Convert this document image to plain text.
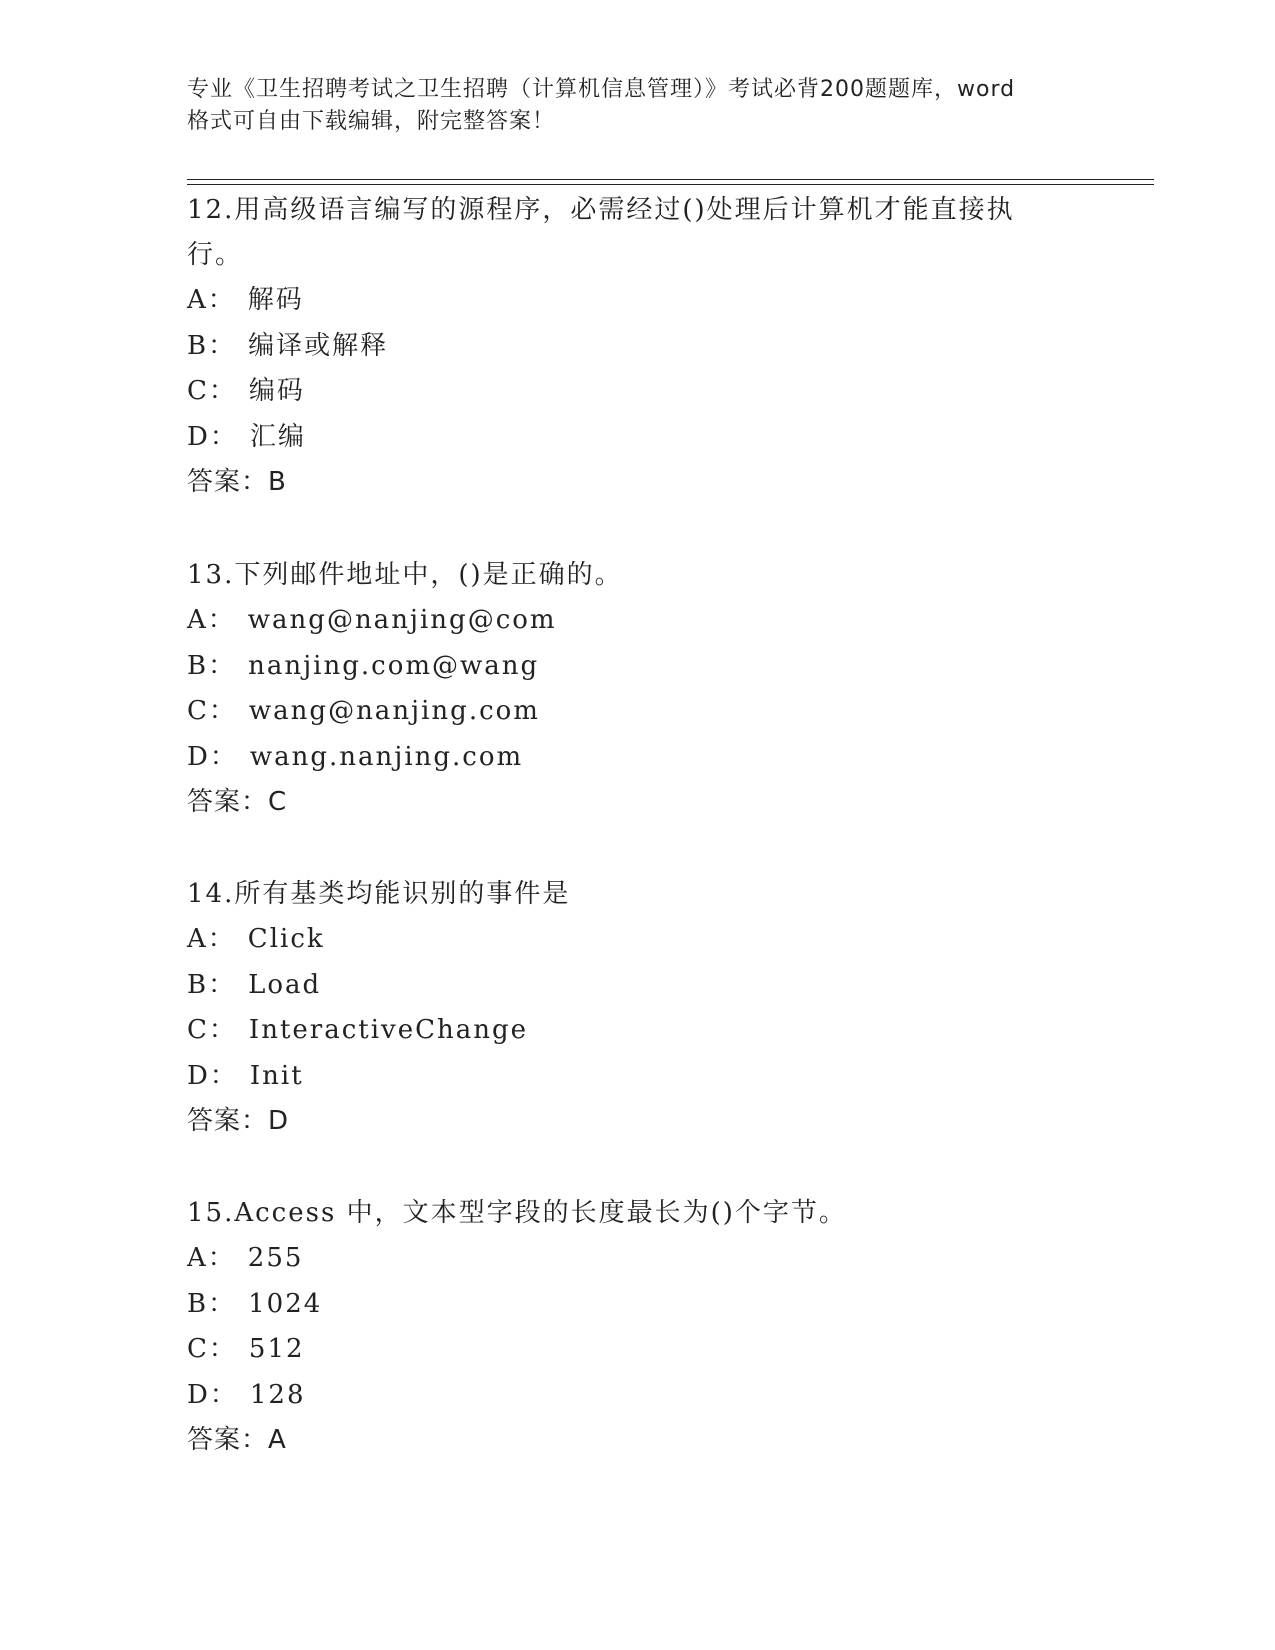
专业《卫生招聘考试之卫生招聘（计算机信息管理）》考试必背200题题库，word
格式可自由下载编辑，附完整答案！

12.用高级语言编写的源程序，必需经过()处理后计算机才能直接执行。

A ： 解码
B ： 编译或解释
C ： 编码
D ： 汇编
答案：B

13.下列邮件地址中，()是正确的。

A ： wang@nanjing@com
B ： nanjing.com@wang
C ： wang@nanjing.com
D ： wang.nanjing.com
答案：C

14.所有基类均能识别的事件是

A ： Click
B ： Load
C ： InteractiveChange
D ： Init
答案：D

15.Access 中，文本型字段的长度最长为()个字节。

A ： 255
B ： 1024
C ： 512
D ： 128
答案：A
